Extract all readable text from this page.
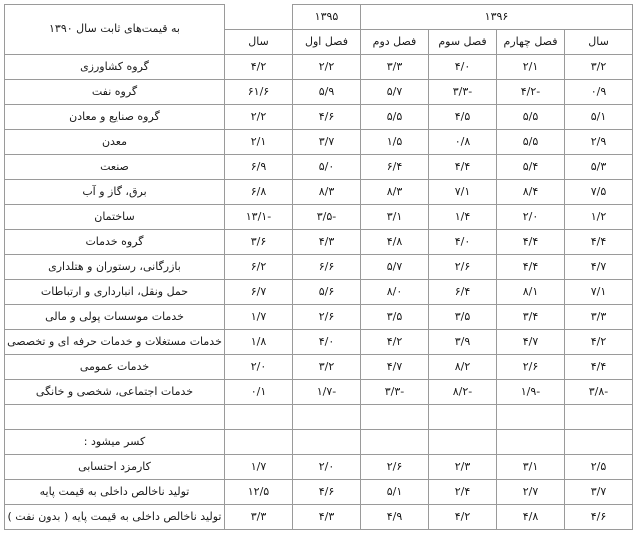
۱۳۹۶				۱۳۹۵		به قیمت‌های ثابت سال ۱۳۹۰
سال	فصل چهارم	فصل سوم	فصل دوم	فصل اول	سال	
۳/۲	۲/۱	۴/۰	۳/۳	۲/۲	۴/۲	گروه کشاورزی
۰/۹	-۴/۲	-۳/۳	۵/۷	۵/۹	۶۱/۶	گروه نفت
۵/۱	۵/۵	۴/۵	۵/۵	۴/۶	۲/۲	گروه صنایع و معادن
۲/۹	۵/۵	۰/۸	۱/۵	۳/۷	۲/۱	معدن
۵/۳	۵/۴	۴/۴	۶/۴	۵/۰	۶/۹	صنعت
۷/۵	۸/۴	۷/۱	۸/۳	۸/۳	۶/۸	برق، گاز و آب
۱/۲	۲/۰	۱/۴	۳/۱	-۳/۵	-۱۳/۱	ساختمان
۴/۴	۴/۴	۴/۰	۴/۸	۴/۳	۳/۶	گروه خدمات
۴/۷	۴/۴	۲/۶	۵/۷	۶/۶	۶/۲	بازرگانی، رستوران و هتلداری
۷/۱	۸/۱	۶/۴	۸/۰	۵/۶	۶/۷	حمل ونقل، انبارداری و ارتباطات
۳/۳	۳/۴	۳/۵	۳/۵	۲/۶	۱/۷	خدمات موسسات پولی و مالی
۴/۲	۴/۷	۳/۹	۴/۲	۴/۰	۱/۸	خدمات مستغلات و خدمات حرفه ای و تخصصی
۴/۴	۲/۶	۸/۲	۴/۷	۳/۲	۲/۰	خدمات عمومی
-۳/۸	-۱/۹	-۸/۲	-۳/۳	-۱/۷	۰/۱	خدمات اجتماعی، شخصی و خانگی

						کسر میشود :
۲/۵	۳/۱	۲/۳	۲/۶	۲/۰	۱/۷	کارمزد احتسابی
۳/۷	۲/۷	۲/۴	۵/۱	۴/۶	۱۲/۵	تولید ناخالص داخلی به قیمت پایه
۴/۶	۴/۸	۴/۲	۴/۹	۴/۳	۳/۳	تولید ناخالص داخلی به قیمت پایه ( بدون نفت )
